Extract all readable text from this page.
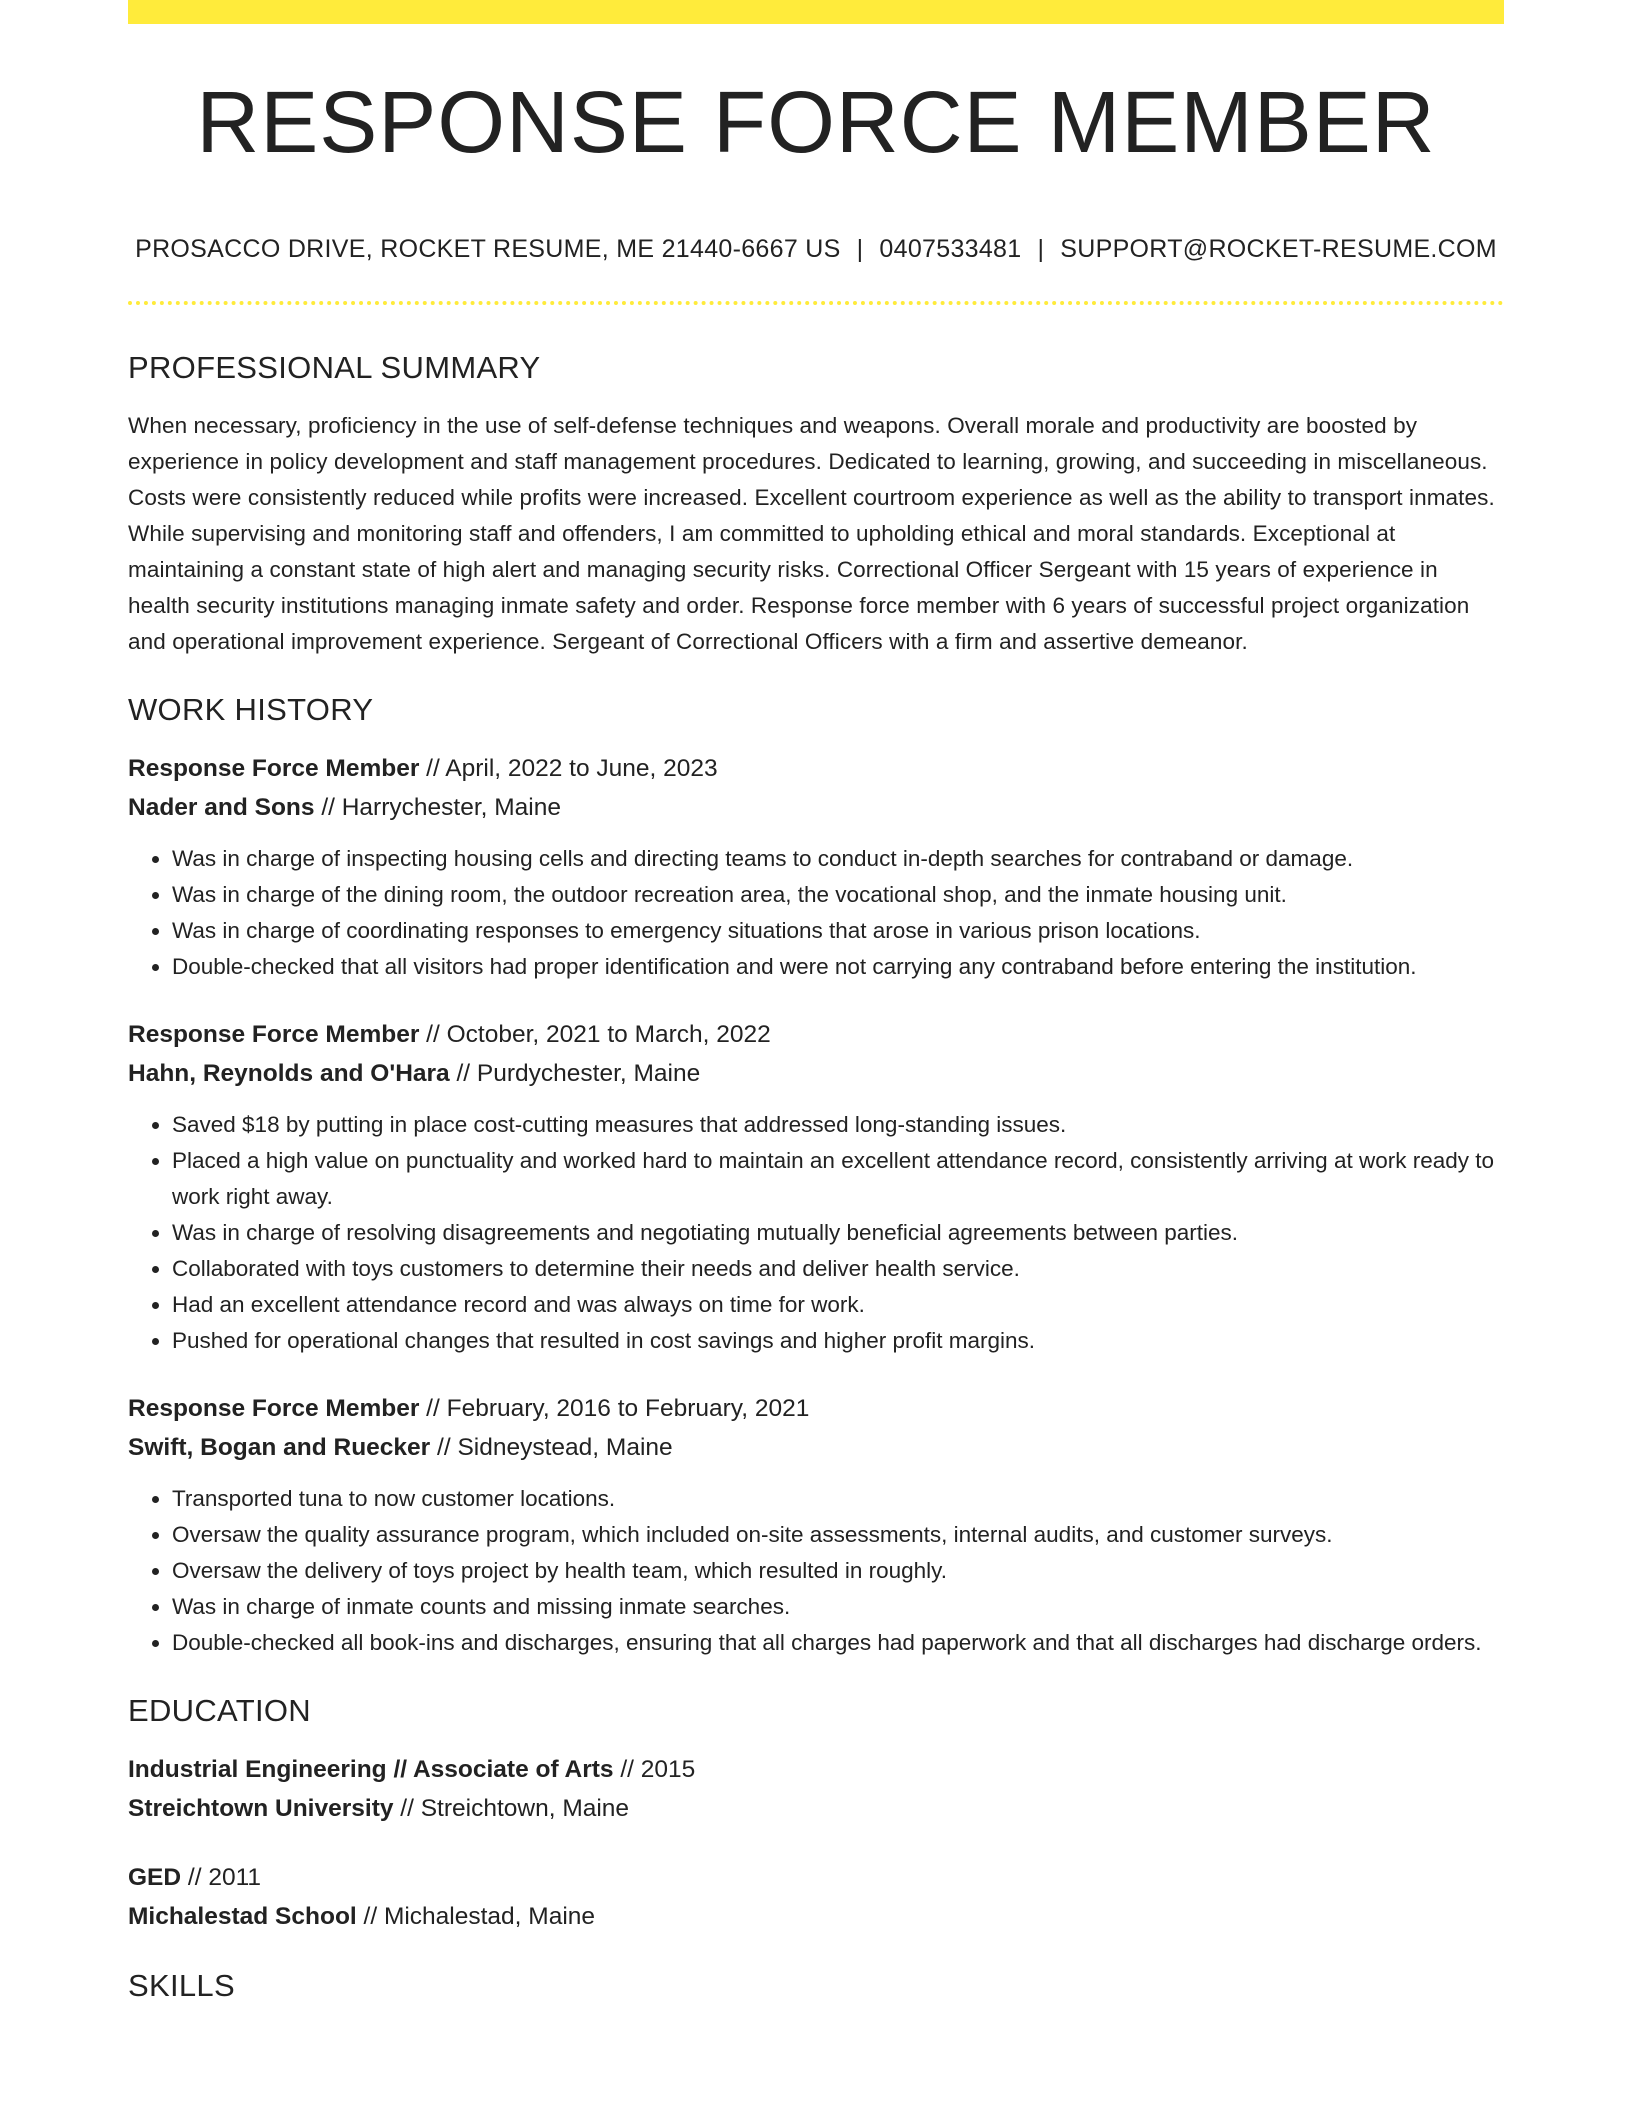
RESPONSE FORCE MEMBER
PROSACCO DRIVE, ROCKET RESUME, ME 21440-6667 US | 0407533481 | SUPPORT@ROCKET-RESUME.COM
PROFESSIONAL SUMMARY
When necessary, proficiency in the use of self-defense techniques and weapons. Overall morale and productivity are boosted by experience in policy development and staff management procedures. Dedicated to learning, growing, and succeeding in miscellaneous. Costs were consistently reduced while profits were increased. Excellent courtroom experience as well as the ability to transport inmates. While supervising and monitoring staff and offenders, I am committed to upholding ethical and moral standards. Exceptional at maintaining a constant state of high alert and managing security risks. Correctional Officer Sergeant with 15 years of experience in health security institutions managing inmate safety and order. Response force member with 6 years of successful project organization and operational improvement experience. Sergeant of Correctional Officers with a firm and assertive demeanor.
WORK HISTORY
Response Force Member // April, 2022 to June, 2023
Nader and Sons // Harrychester, Maine
• Was in charge of inspecting housing cells and directing teams to conduct in-depth searches for contraband or damage.
• Was in charge of the dining room, the outdoor recreation area, the vocational shop, and the inmate housing unit.
• Was in charge of coordinating responses to emergency situations that arose in various prison locations.
• Double-checked that all visitors had proper identification and were not carrying any contraband before entering the institution.
Response Force Member // October, 2021 to March, 2022
Hahn, Reynolds and O'Hara // Purdychester, Maine
• Saved $18 by putting in place cost-cutting measures that addressed long-standing issues.
• Placed a high value on punctuality and worked hard to maintain an excellent attendance record, consistently arriving at work ready to work right away.
• Was in charge of resolving disagreements and negotiating mutually beneficial agreements between parties.
• Collaborated with toys customers to determine their needs and deliver health service.
• Had an excellent attendance record and was always on time for work.
• Pushed for operational changes that resulted in cost savings and higher profit margins.
Response Force Member // February, 2016 to February, 2021
Swift, Bogan and Ruecker // Sidneystead, Maine
• Transported tuna to now customer locations.
• Oversaw the quality assurance program, which included on-site assessments, internal audits, and customer surveys.
• Oversaw the delivery of toys project by health team, which resulted in roughly.
• Was in charge of inmate counts and missing inmate searches.
• Double-checked all book-ins and discharges, ensuring that all charges had paperwork and that all discharges had discharge orders.
EDUCATION
Industrial Engineering // Associate of Arts // 2015
Streichtown University // Streichtown, Maine
GED // 2011
Michalestad School // Michalestad, Maine
SKILLS
